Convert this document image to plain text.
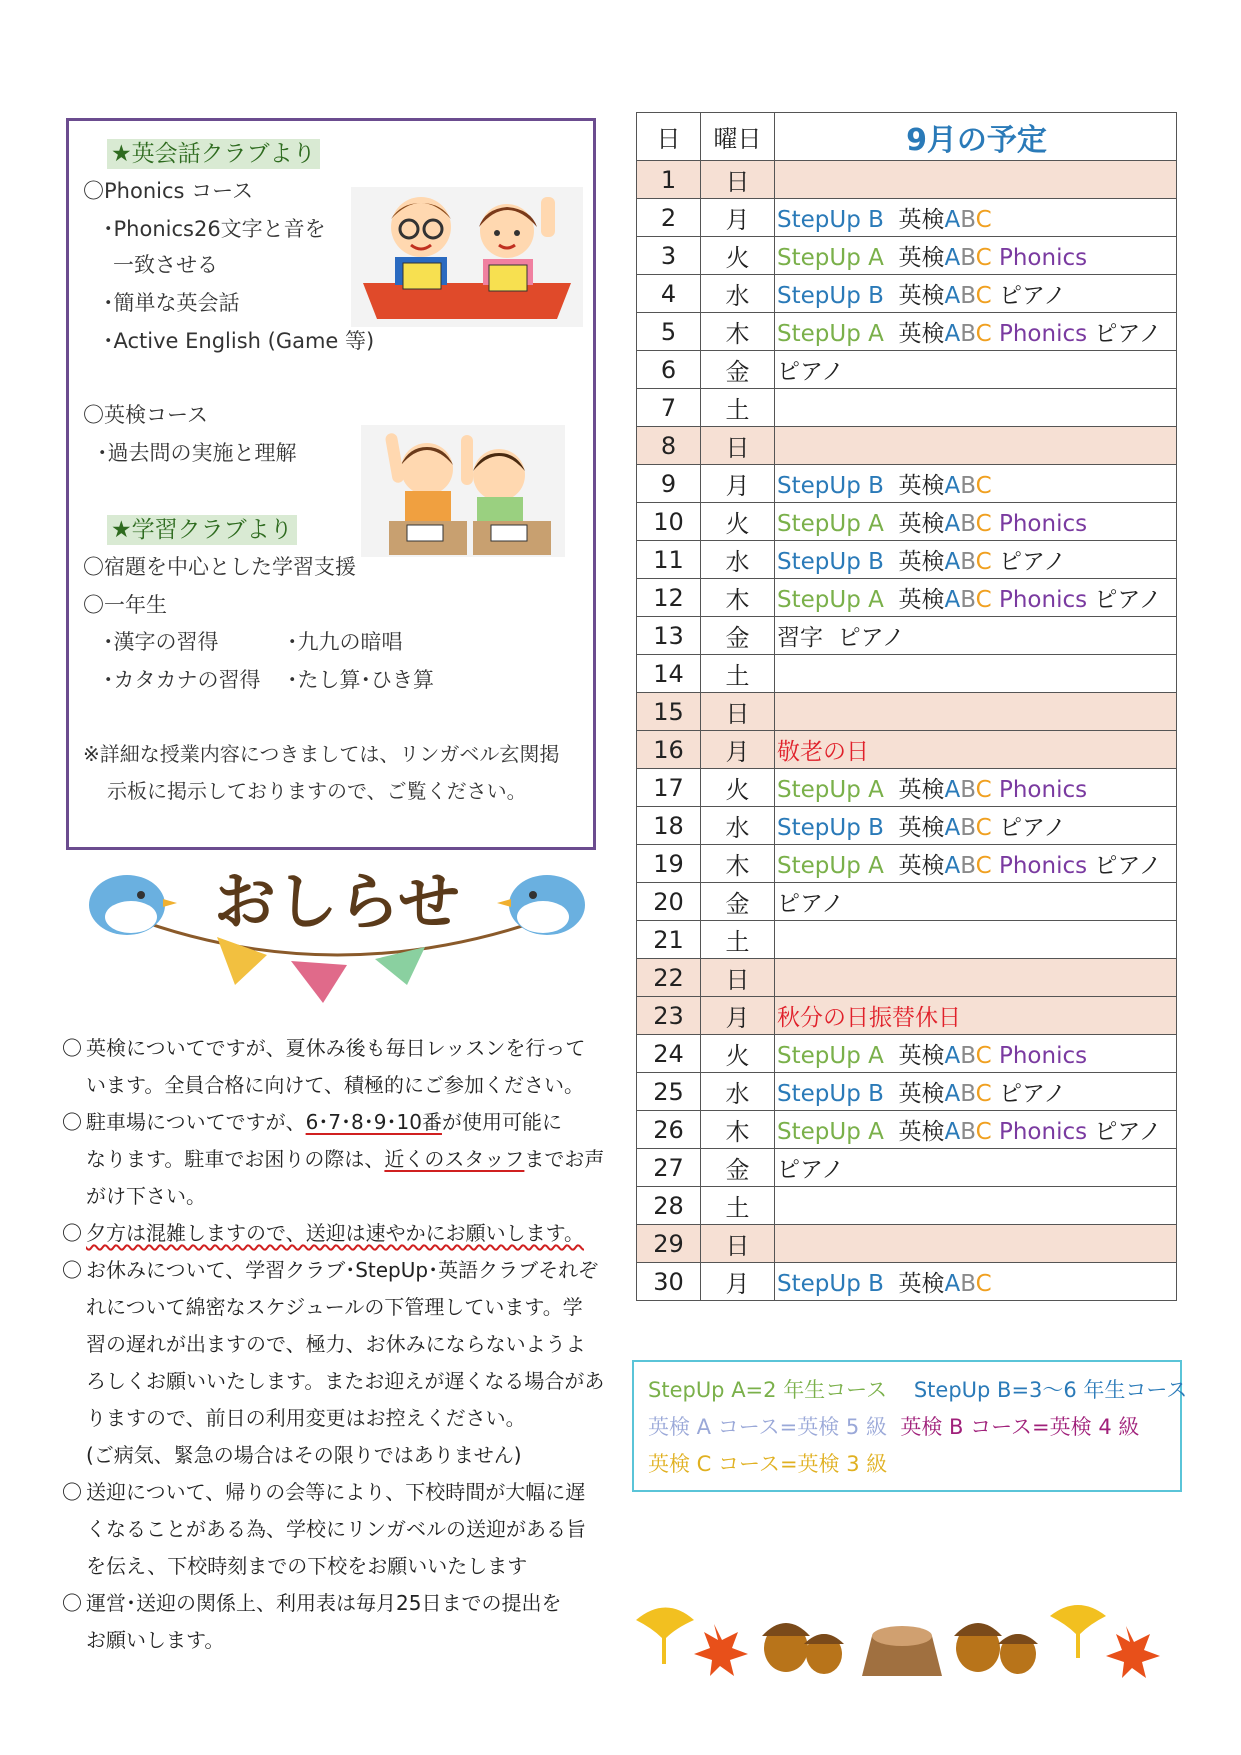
★英会話クラブより
〇Phonics コース
･Phonics26文字と音を
一致させる
･簡単な英会話
･Active English (Game 等)
〇英検コース
･過去問の実施と理解
★学習クラブより
〇宿題を中心とした学習支援
〇一年生
･漢字の習得	･九九の暗唱
･カタカナの習得 ･たし算･ひき算
※詳細な授業内容につきましては、リンガベル玄関掲
示板に掲示しておりますので、ご覧ください。
おしらせ
〇 英検についてですが、夏休み後も毎日レッスンを行って
います。全員合格に向けて、積極的にご参加ください。
〇 駐車場についてですが、6･7･8･9･10番が使用可能に
なります。駐車でお困りの際は、近くのスタッフまでお声
がけ下さい。
〇 夕方は混雑しますので、送迎は速やかにお願いします。
〇 お休みについて、学習クラブ･StepUp･英語クラブそれぞ
れについて綿密なスケジュールの下管理しています。学
習の遅れが出ますので、極力、お休みにならないようよ
ろしくお願いいたします。またお迎えが遅くなる場合があ
りますので、前日の利用変更はお控えください。
(ご病気、緊急の場合はその限りではありません)
〇 送迎について、帰りの会等により、下校時間が大幅に遅
くなることがある為、学校にリンガベルの送迎がある旨
を伝え、下校時刻までの下校をお願いいたします
〇 運営･送迎の関係上、利用表は毎月25日までの提出を
お願いします。
日	曜日	9月の予定
1	日	
2	月	StepUp B 英検ABC
3	火	StepUp A 英検ABC Phonics
4	水	StepUp B 英検ABC ピアノ
5	木	StepUp A 英検ABC Phonics ピアノ
6	金	ピアノ
7	土	
8	日	
9	月	StepUp B 英検ABC
10	火	StepUp A 英検ABC Phonics
11	水	StepUp B 英検ABC ピアノ
12	木	StepUp A 英検ABC Phonics ピアノ
13	金	習字  ピアノ
14	土	
15	日	
16	月	敬老の日
17	火	StepUp A 英検ABC Phonics
18	水	StepUp B 英検ABC ピアノ
19	木	StepUp A 英検ABC Phonics ピアノ
20	金	ピアノ
21	土	
22	日	
23	月	秋分の日振替休日
24	火	StepUp A 英検ABC Phonics
25	水	StepUp B 英検ABC ピアノ
26	木	StepUp A 英検ABC Phonics ピアノ
27	金	ピアノ
28	土	
29	日	
30	月	StepUp B 英検ABC
StepUp A=2 年生コース StepUp B=3～6 年生コース
英検 A コース=英検 5 級 英検 B コース=英検 4 級
英検 C コース=英検 3 級
